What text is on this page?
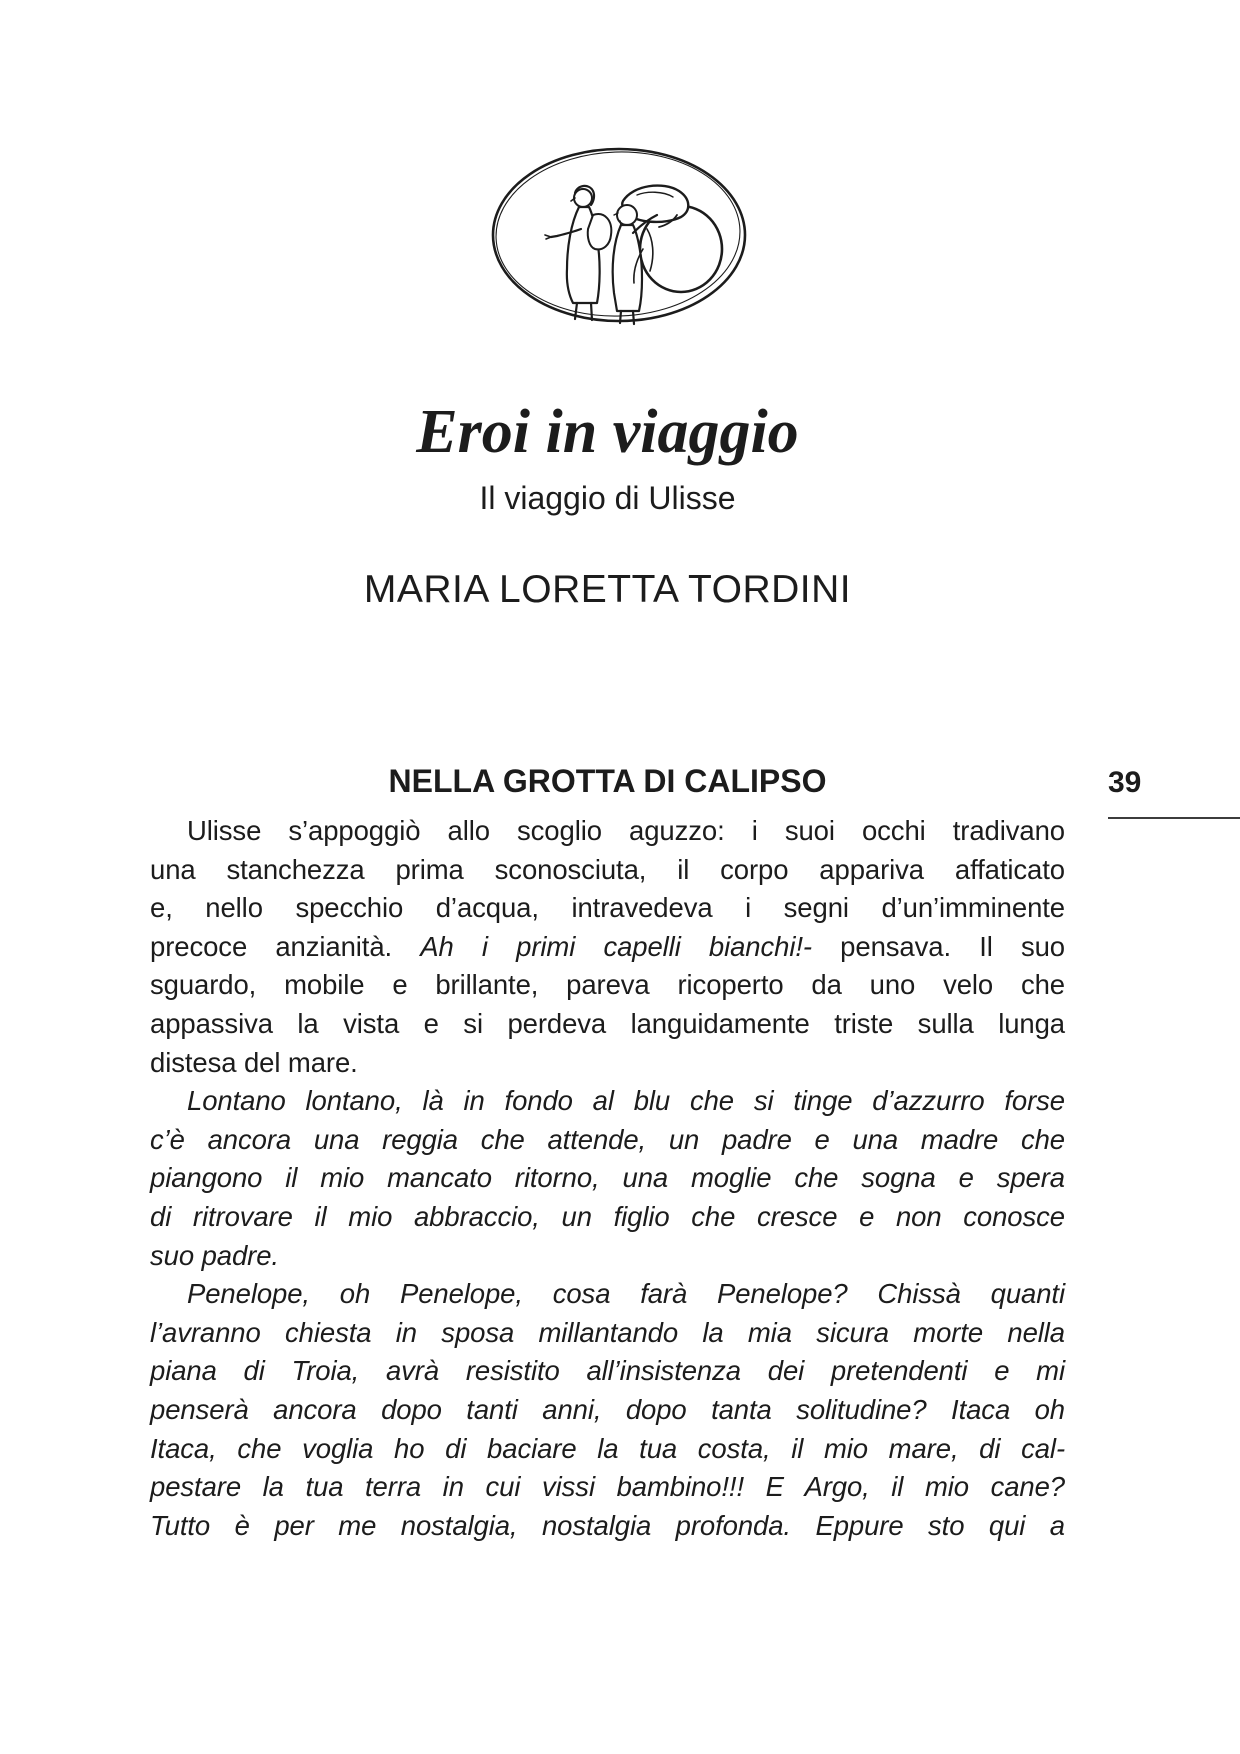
Eroi in viaggio
Il viaggio di Ulisse
MARIA LORETTA TORDINI
NELLA GROTTA DI CALIPSO	39
Ulisse s’appoggiò allo scoglio aguzzo: i suoi occhi tradivano
una stanchezza prima sconosciuta, il corpo appariva affaticato
e, nello specchio d’acqua, intravedeva i segni d’un’imminente
precoce anzianità. Ah i primi capelli bianchi!- pensava. Il suo
sguardo, mobile e brillante, pareva ricoperto da uno velo che
appassiva la vista e si perdeva languidamente triste sulla lunga
distesa del mare.
Lontano lontano, là in fondo al blu che si tinge d’azzurro forse
c’è ancora una reggia che attende, un padre e una madre che
piangono il mio mancato ritorno, una moglie che sogna e spera
di ritrovare il mio abbraccio, un figlio che cresce e non conosce
suo padre.
Penelope, oh Penelope, cosa farà Penelope? Chissà quanti
l’avranno chiesta in sposa millantando la mia sicura morte nella
piana di Troia, avrà resistito all’insistenza dei pretendenti e mi
penserà ancora dopo tanti anni, dopo tanta solitudine? Itaca oh
Itaca, che voglia ho di baciare la tua costa, il mio mare, di cal-
pestare la tua terra in cui vissi bambino!!! E Argo, il mio cane?
Tutto è per me nostalgia, nostalgia profonda. Eppure sto qui a
